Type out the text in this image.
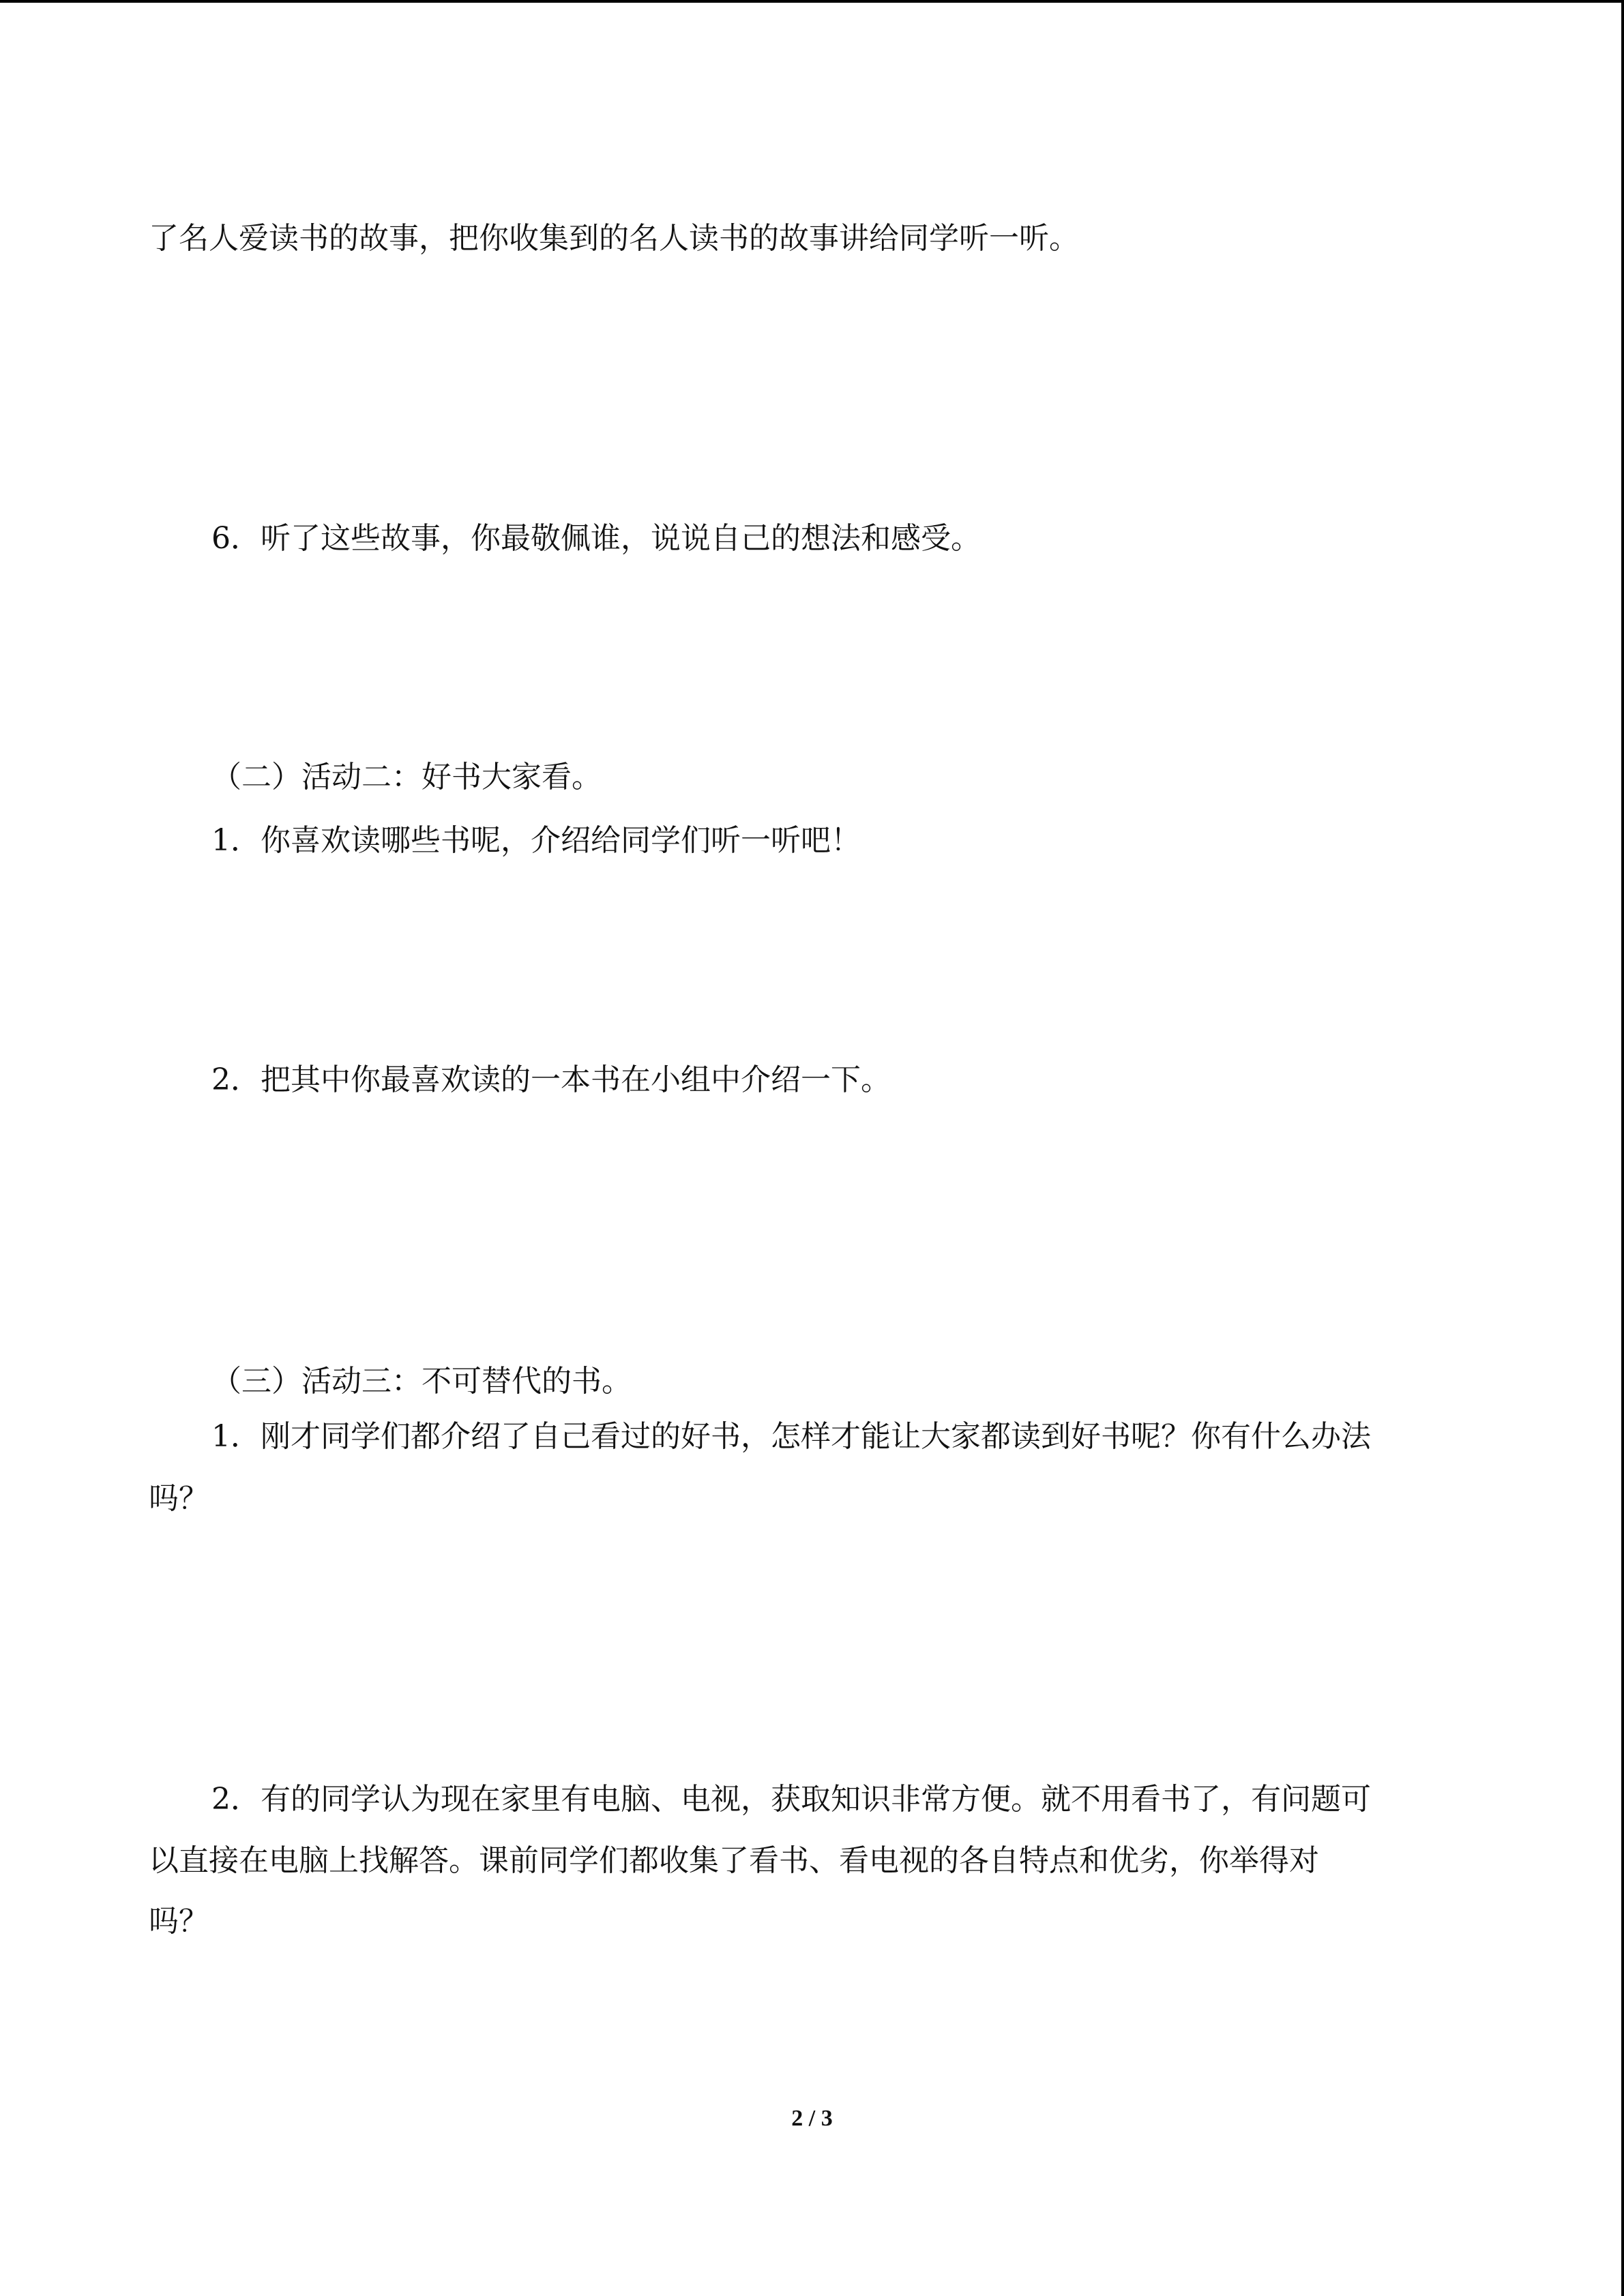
了名人爱读书的故事，把你收集到的名人读书的故事讲给同学听一听。
6．听了这些故事，你最敬佩谁，说说自己的想法和感受。
（二）活动二：好书大家看。
1．你喜欢读哪些书呢，介绍给同学们听一听吧！
2．把其中你最喜欢读的一本书在小组中介绍一下。
（三）活动三：不可替代的书。
1．刚才同学们都介绍了自己看过的好书，怎样才能让大家都读到好书呢？你有什么办法
吗？
2．有的同学认为现在家里有电脑、电视，获取知识非常方便。就不用看书了，有问题可
以直接在电脑上找解答。课前同学们都收集了看书、看电视的各自特点和优劣，你举得对
吗？
2 / 3
